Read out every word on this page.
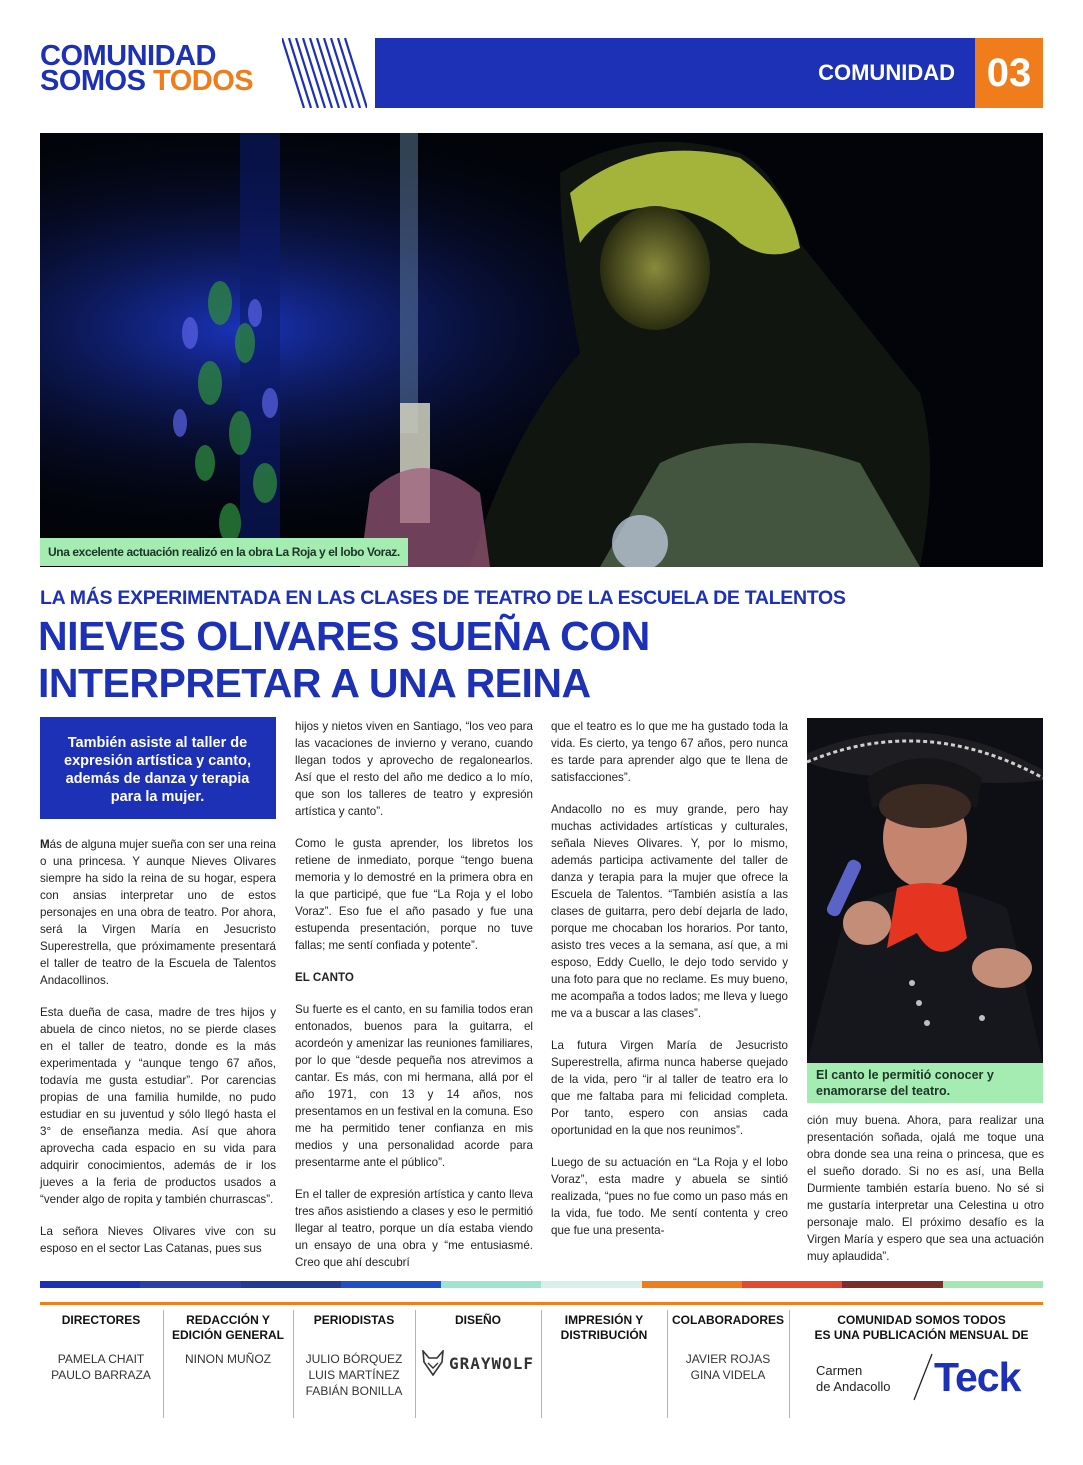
COMUNIDAD
SOMOS TODOS	COMUNIDAD 03
Una excelente actuación realizó en la obra La Roja y el lobo Voraz.
LA MÁS EXPERIMENTADA EN LAS CLASES DE TEATRO DE LA ESCUELA DE TALENTOS
NIEVES OLIVARES SUEÑA CON
INTERPRETAR A UNA REINA
También asiste al taller de expresión artística y canto, además de danza y terapia para la mujer.

Más de alguna mujer sueña con ser una reina o una princesa. Y aunque Nieves Olivares siempre ha sido la reina de su hogar, espera con ansias interpretar uno de estos personajes en una obra de teatro. Por ahora, será la Virgen María en Jesucristo Superestrella, que próximamente presentará el taller de teatro de la Escuela de Talentos Andacollinos.

Esta dueña de casa, madre de tres hijos y abuela de cinco nietos, no se pierde clases en el taller de teatro, donde es la más experimentada y “aunque tengo 67 años, todavía me gusta estudiar”. Por carencias propias de una familia humilde, no pudo estudiar en su juventud y sólo llegó hasta el 3° de enseñanza media. Así que ahora aprovecha cada espacio en su vida para adquirir conocimientos, además de ir los jueves a la feria de productos usados a “vender algo de ropita y también churrascas”.

La señora Nieves Olivares vive con su esposo en el sector Las Catanas, pues sus

hijos y nietos viven en Santiago, “los veo para las vacaciones de invierno y verano, cuando llegan todos y aprovecho de regalonearlos. Así que el resto del año me dedico a lo mío, que son los talleres de teatro y expresión artística y canto”.

Como le gusta aprender, los libretos los retiene de inmediato, porque “tengo buena memoria y lo demostré en la primera obra en la que participé, que fue “La Roja y el lobo Voraz”. Eso fue el año pasado y fue una estupenda presentación, porque no tuve fallas; me sentí confiada y potente”.

EL CANTO

Su fuerte es el canto, en su familia todos eran entonados, buenos para la guitarra, el acordeón y amenizar las reuniones familiares, por lo que “desde pequeña nos atrevimos a cantar. Es más, con mi hermana, allá por el año 1971, con 13 y 14 años, nos presentamos en un festival en la comuna. Eso me ha permitido tener confianza en mis medios y una personalidad acorde para presentarme ante el público”.

En el taller de expresión artística y canto lleva tres años asistiendo a clases y eso le permitió llegar al teatro, porque un día estaba viendo un ensayo de una obra y “me entusiasmé. Creo que ahí descubrí

que el teatro es lo que me ha gustado toda la vida. Es cierto, ya tengo 67 años, pero nunca es tarde para aprender algo que te llena de satisfacciones”.

Andacollo no es muy grande, pero hay muchas actividades artísticas y culturales, señala Nieves Olivares. Y, por lo mismo, además participa activamente del taller de danza y terapia para la mujer que ofrece la Escuela de Talentos. “También asistía a las clases de guitarra, pero debí dejarla de lado, porque me chocaban los horarios. Por tanto, asisto tres veces a la semana, así que, a mi esposo, Eddy Cuello, le dejo todo servido y una foto para que no reclame. Es muy bueno, me acompaña a todos lados; me lleva y luego me va a buscar a las clases”.

La futura Virgen María de Jesucristo Superestrella, afirma nunca haberse quejado de la vida, pero “ir al taller de teatro era lo que me faltaba para mi felicidad completa. Por tanto, espero con ansias cada oportunidad en la que nos reunimos”.

Luego de su actuación en “La Roja y el lobo Voraz”, esta madre y abuela se sintió realizada, “pues no fue como un paso más en la vida, fue todo. Me sentí contenta y creo que fue una presenta-

El canto le permitió conocer y enamorarse del teatro.

ción muy buena. Ahora, para realizar una presentación soñada, ojalá me toque una obra donde sea una reina o princesa, que es el sueño dorado. Si no es así, una Bella Durmiente también estaría bueno. No sé si me gustaría interpretar una Celestina u otro personaje malo. El próximo desafío es la Virgen María y espero que sea una actuación muy aplaudida”.

DIRECTORES
PAMELA CHAIT
PAULO BARRAZA
REDACCIÓN Y
EDICIÓN GENERAL
NINON MUÑOZ
PERIODISTAS
JULIO BÓRQUEZ
LUIS MARTÍNEZ
FABIÁN BONILLA
DISEÑO
GRAYWOLF
IMPRESIÓN Y
DISTRIBUCIÓN
COLABORADORES
JAVIER ROJAS
GINA VIDELA
COMUNIDAD SOMOS TODOS
ES UNA PUBLICACIÓN MENSUAL DE
Carmen
de Andacollo Teck
